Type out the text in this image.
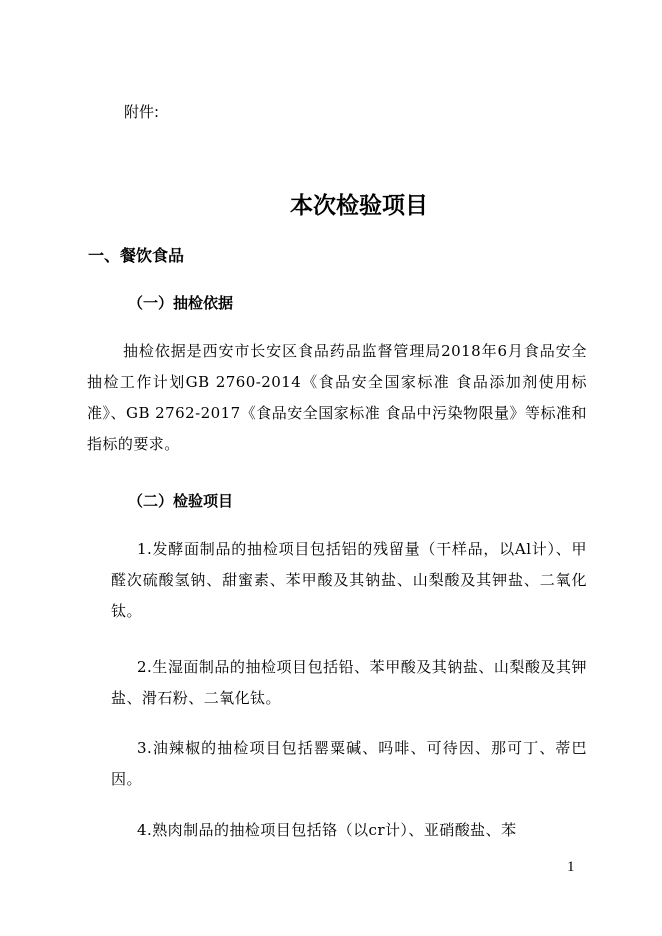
附件:
本次检验项目
一、餐饮食品
（一）抽检依据
抽检依据是西安市长安区食品药品监督管理局2018年6月食品安全抽检工作计划GB 2760-2014《食品安全国家标准 食品添加剂使用标准》、GB 2762-2017《食品安全国家标准 食品中污染物限量》等标准和指标的要求。
（二）检验项目
1.发酵面制品的抽检项目包括铝的残留量（干样品，以Al计）、甲醛次硫酸氢钠、甜蜜素、苯甲酸及其钠盐、山梨酸及其钾盐、二氧化钛。
2.生湿面制品的抽检项目包括铅、苯甲酸及其钠盐、山梨酸及其钾盐、滑石粉、二氧化钛。
3.油辣椒的抽检项目包括罂粟碱、吗啡、可待因、那可丁、蒂巴因。
4.熟肉制品的抽检项目包括铬（以cr计）、亚硝酸盐、苯
1
